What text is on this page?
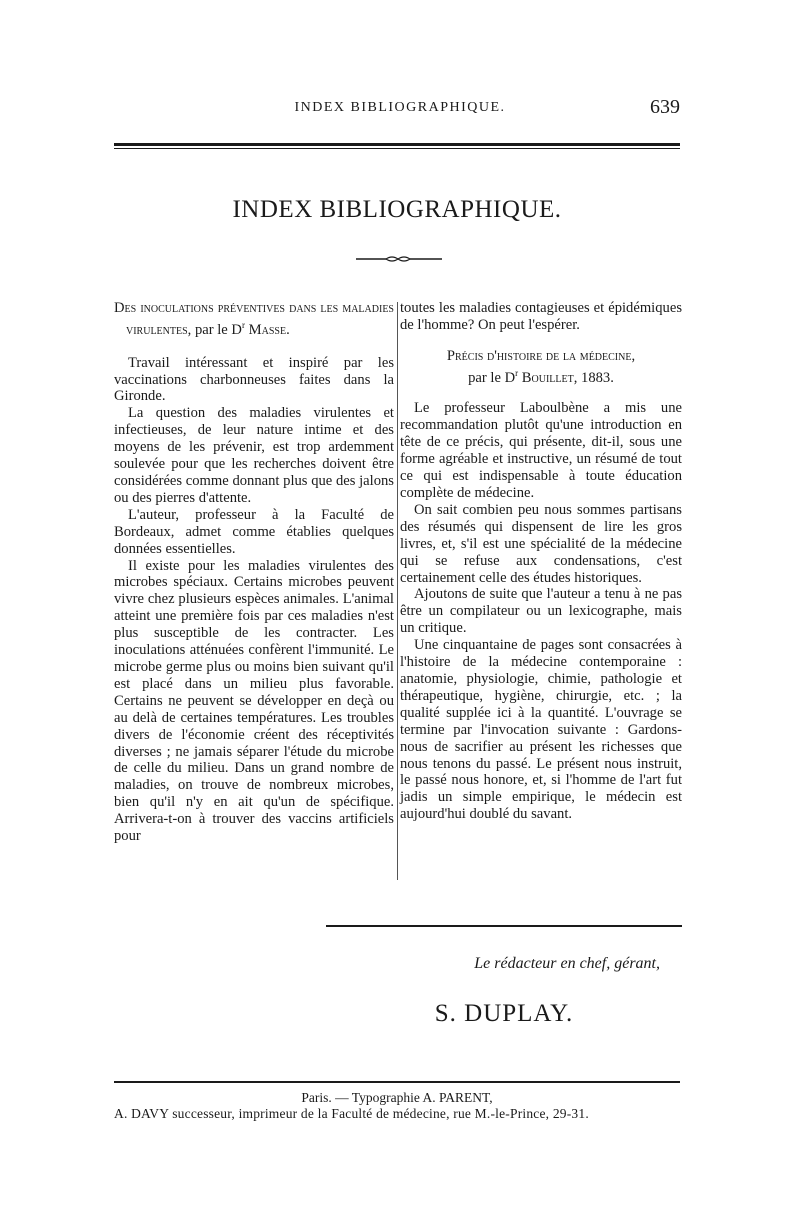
INDEX BIBLIOGRAPHIQUE.	639
INDEX BIBLIOGRAPHIQUE.
Des inoculations préventives dans les maladies virulentes, par le $D^r$ Masse.

Travail intéressant et inspiré par les vaccinations charbonneuses faites dans la Gironde.

La question des maladies virulentes et infectieuses, de leur nature intime et des moyens de les prévenir, est trop ardemment soulevée pour que les recherches doivent être considérées comme donnant plus que des jalons ou des pierres d'attente.

L'auteur, professeur à la Faculté de Bordeaux, admet comme établies quelques données essentielles.

Il existe pour les maladies virulentes des microbes spéciaux. Certains microbes peuvent vivre chez plusieurs espèces animales. L'animal atteint une première fois par ces maladies n'est plus susceptible de les contracter. Les inoculations atténuées confèrent l'immunité. Le microbe germe plus ou moins bien suivant qu'il est placé dans un milieu plus favorable. Certains ne peuvent se développer en deçà ou au delà de certaines températures. Les troubles divers de l'économie créent des réceptivités diverses ; ne jamais séparer l'étude du microbe de celle du milieu. Dans un grand nombre de maladies, on trouve de nombreux microbes, bien qu'il n'y en ait qu'un de spécifique. Arrivera-t-on à trouver des vaccins artificiels pour

toutes les maladies contagieuses et épidémiques de l'homme? On peut l'espérer.

Précis d'histoire de la médecine,
par le $D^r$ Bouillet, 1883.

Le professeur Laboulbène a mis une recommandation plutôt qu'une introduction en tête de ce précis, qui présente, dit-il, sous une forme agréable et instructive, un résumé de tout ce qui est indispensable à toute éducation complète de médecine.

On sait combien peu nous sommes partisans des résumés qui dispensent de lire les gros livres, et, s'il est une spécialité de la médecine qui se refuse aux condensations, c'est certainement celle des études historiques.

Ajoutons de suite que l'auteur a tenu à ne pas être un compilateur ou un lexicographe, mais un critique.

Une cinquantaine de pages sont consacrées à l'histoire de la médecine contemporaine : anatomie, physiologie, chimie, pathologie et thérapeutique, hygiène, chirurgie, etc. ; la qualité supplée ici à la quantité. L'ouvrage se termine par l'invocation suivante : Gardons-nous de sacrifier au présent les richesses que nous tenons du passé. Le présent nous instruit, le passé nous honore, et, si l'homme de l'art fut jadis un simple empirique, le médecin est aujourd'hui doublé du savant.

Le rédacteur en chef, gérant,
S. DUPLAY.
Paris. — Typographie A. PARENT,
A. DAVY successeur, imprimeur de la Faculté de médecine, rue M.-le-Prince, 29-31.
